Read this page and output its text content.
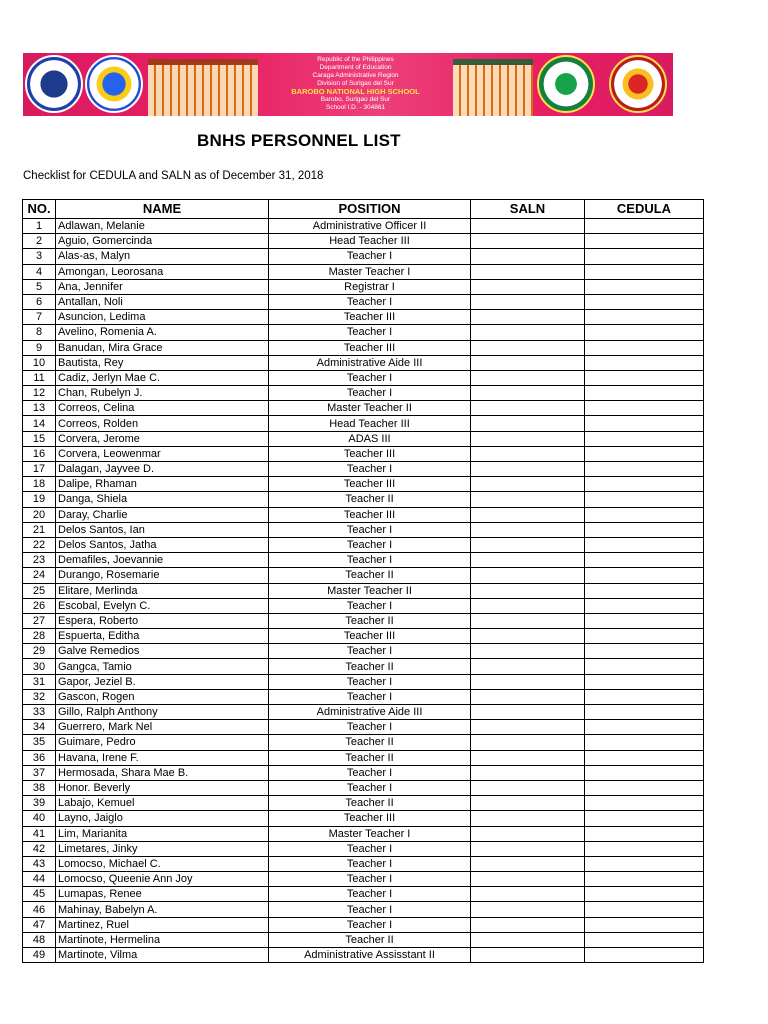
Republic of the Philippines
Department of Education
Caraga Administrative Region
Division of Surigao del Sur
BAROBO NATIONAL HIGH SCHOOL
Barobo, Surigao del Sur
School I.D. - 304861
BNHS PERSONNEL LIST
Checklist for CEDULA and SALN as of December 31, 2018
NO.	NAME	POSITION	SALN	CEDULA
1	Adlawan, Melanie	Administrative Officer II		
2	Aguio, Gomercinda	Head Teacher III		
3	Alas-as, Malyn	Teacher I		
4	Amongan, Leorosana	Master Teacher I		
5	Ana, Jennifer	Registrar I		
6	Antallan, Noli	Teacher I		
7	Asuncion, Ledima	Teacher III		
8	Avelino, Romenia A.	Teacher I		
9	Banudan, Mira Grace	Teacher III		
10	Bautista, Rey	Administrative Aide III		
11	Cadiz, Jerlyn Mae C.	Teacher I		
12	Chan, Rubelyn J.	Teacher I		
13	Correos, Celina	Master Teacher II		
14	Correos, Rolden	Head Teacher III		
15	Corvera, Jerome	ADAS III		
16	Corvera, Leowenmar	Teacher III		
17	Dalagan, Jayvee D.	Teacher I		
18	Dalipe, Rhaman	Teacher III		
19	Danga, Shiela	Teacher II		
20	Daray, Charlie	Teacher III		
21	Delos Santos, Ian	Teacher I		
22	Delos Santos, Jatha	Teacher I		
23	Demafiles, Joevannie	Teacher I		
24	Durango, Rosemarie	Teacher II		
25	Elitare, Merlinda	Master Teacher II		
26	Escobal, Evelyn C.	Teacher I		
27	Espera, Roberto	Teacher II		
28	Espuerta, Editha	Teacher III		
29	Galve Remedios	Teacher I		
30	Gangca, Tamio	Teacher II		
31	Gapor, Jeziel B.	Teacher I		
32	Gascon, Rogen	Teacher I		
33	Gillo, Ralph Anthony	Administrative Aide III		
34	Guerrero, Mark Nel	Teacher I		
35	Guimare, Pedro	Teacher II		
36	Havana, Irene F.	Teacher II		
37	Hermosada, Shara Mae B.	Teacher I		
38	Honor. Beverly	Teacher I		
39	Labajo, Kemuel	Teacher II		
40	Layno, Jaiglo	Teacher III		
41	Lim, Marianita	Master Teacher I		
42	Limetares, Jinky	Teacher I		
43	Lomocso, Michael C.	Teacher I		
44	Lomocso, Queenie Ann Joy	Teacher I		
45	Lumapas, Renee	Teacher I		
46	Mahinay, Babelyn A.	Teacher I		
47	Martinez, Ruel	Teacher I		
48	Martinote, Hermelina	Teacher II		
49	Martinote, Vilma	Administrative Assisstant II		
